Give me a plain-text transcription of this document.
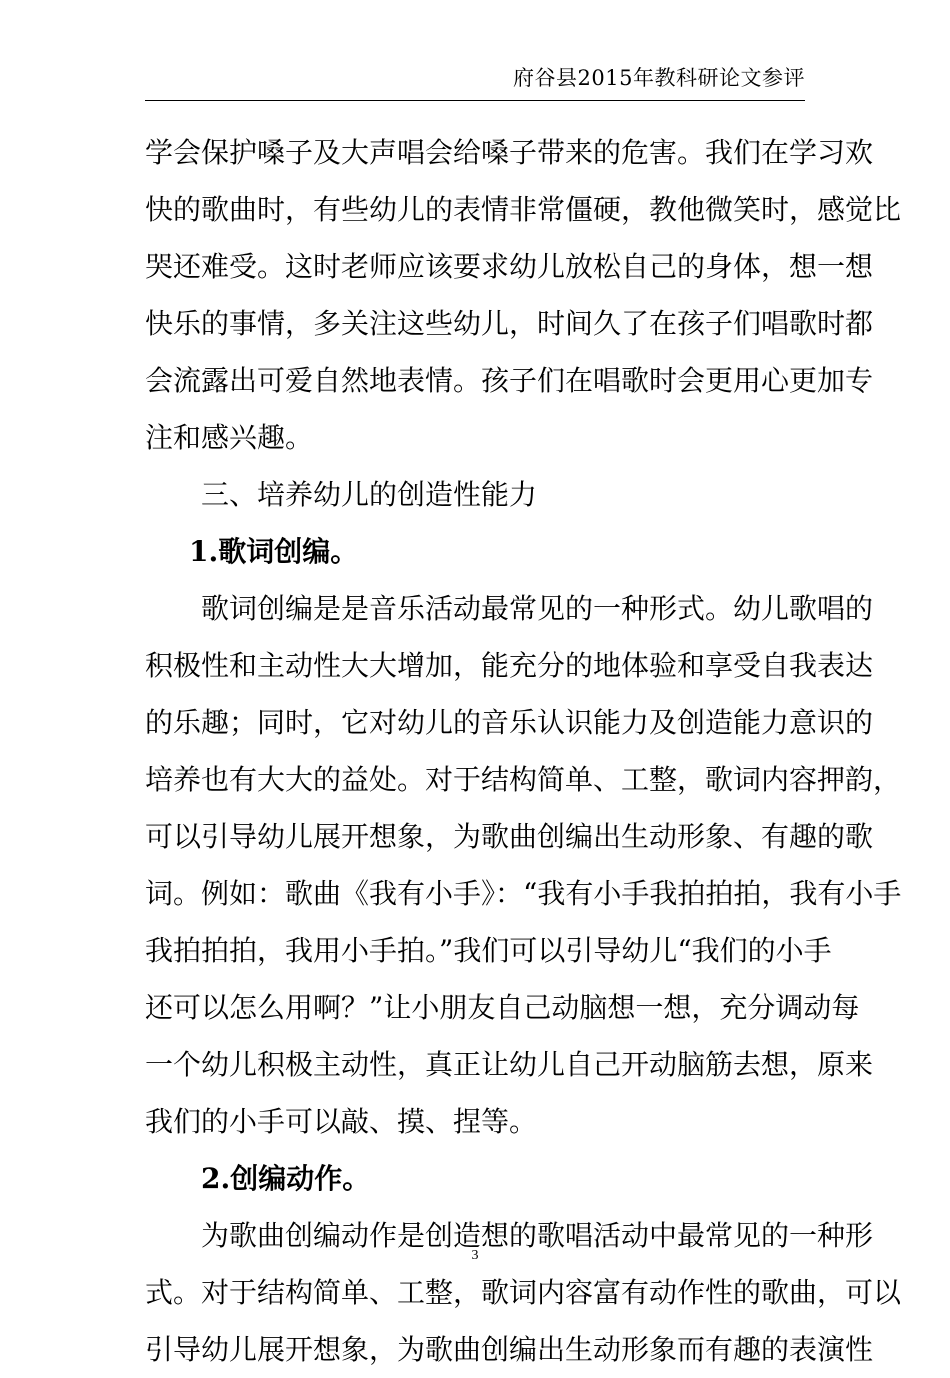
府谷县2015年教科研论文参评
学会保护嗓子及大声唱会给嗓子带来的危害。我们在学习欢
快的歌曲时，有些幼儿的表情非常僵硬，教他微笑时，感觉比
哭还难受。这时老师应该要求幼儿放松自己的身体，想一想
快乐的事情，多关注这些幼儿，时间久了在孩子们唱歌时都
会流露出可爱自然地表情。孩子们在唱歌时会更用心更加专
注和感兴趣。
三、培养幼儿的创造性能力
1.歌词创编。
歌词创编是是音乐活动最常见的一种形式。幼儿歌唱的
积极性和主动性大大增加，能充分的地体验和享受自我表达
的乐趣；同时，它对幼儿的音乐认识能力及创造能力意识的
培养也有大大的益处。对于结构简单、工整，歌词内容押韵，
可以引导幼儿展开想象，为歌曲创编出生动形象、有趣的歌
词。例如：歌曲《我有小手》：“我有小手我拍拍拍，我有小手
我拍拍拍，我用小手拍。”我们可以引导幼儿“我们的小手
还可以怎么用啊？”让小朋友自己动脑想一想，充分调动每
一个幼儿积极主动性，真正让幼儿自己开动脑筋去想，原来
我们的小手可以敲、摸、捏等。
2.创编动作。
为歌曲创编动作是创造想的歌唱活动中最常见的一种形
式。对于结构简单、工整，歌词内容富有动作性的歌曲，可以
引导幼儿展开想象，为歌曲创编出生动形象而有趣的表演性
3
